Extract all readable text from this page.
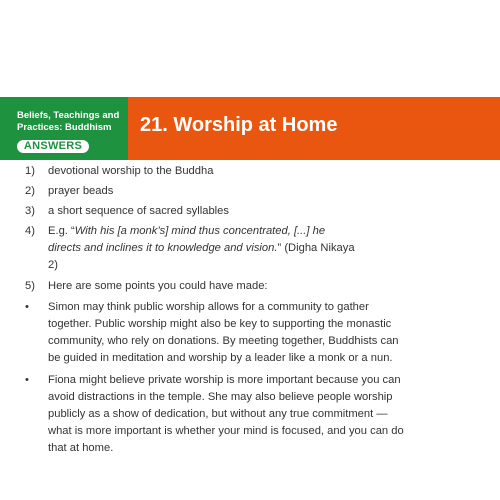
Beliefs, Teachings and Practices: Buddhism
ANSWERS
21. Worship at Home
1) devotional worship to the Buddha
2) prayer beads
3) a short sequence of sacred syllables
4) E.g. “With his [a monk’s] mind thus concentrated, [...] he directs and inclines it to knowledge and vision.” (Digha Nikaya 2)
5) Here are some points you could have made:
• Simon may think public worship allows for a community to gather together. Public worship might also be key to supporting the monastic community, who rely on donations. By meeting together, Buddhists can be guided in meditation and worship by a leader like a monk or a nun.
• Fiona might believe private worship is more important because you can avoid distractions in the temple. She may also believe people worship publicly as a show of dedication, but without any true commitment — what is more important is whether your mind is focused, and you can do that at home.
